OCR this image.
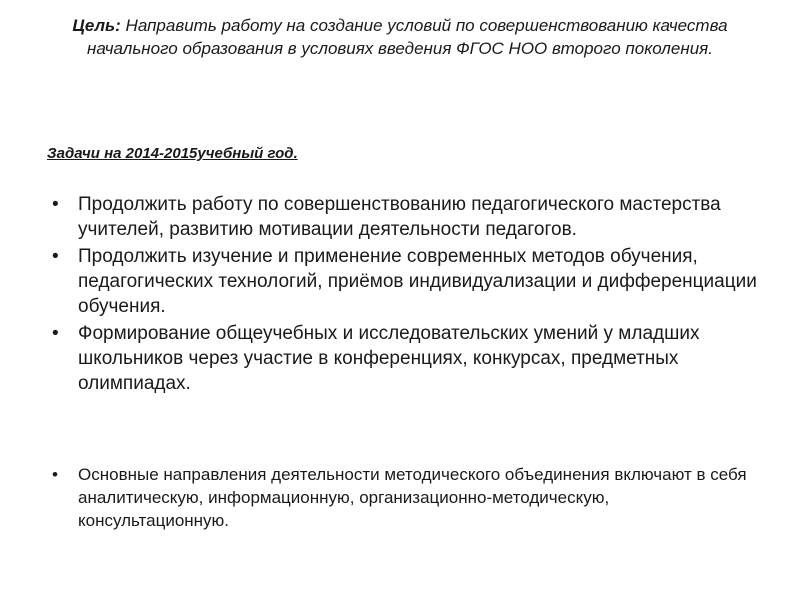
Цель: Направить работу на создание условий по совершенствованию качества начального образования в условиях введения ФГОС НОО второго поколения.
Задачи на 2014-2015учебный год.
• Продолжить работу по совершенствованию педагогического мастерства учителей, развитию мотивации деятельности педагогов.
• Продолжить изучение и применение современных методов обучения, педагогических технологий, приёмов индивидуализации и дифференциации обучения.
• Формирование общеучебных и исследовательских умений у младших школьников через участие в конференциях, конкурсах, предметных олимпиадах.
• Основные направления деятельности методического объединения включают в себя аналитическую, информационную, организационно-методическую, консультационную.
